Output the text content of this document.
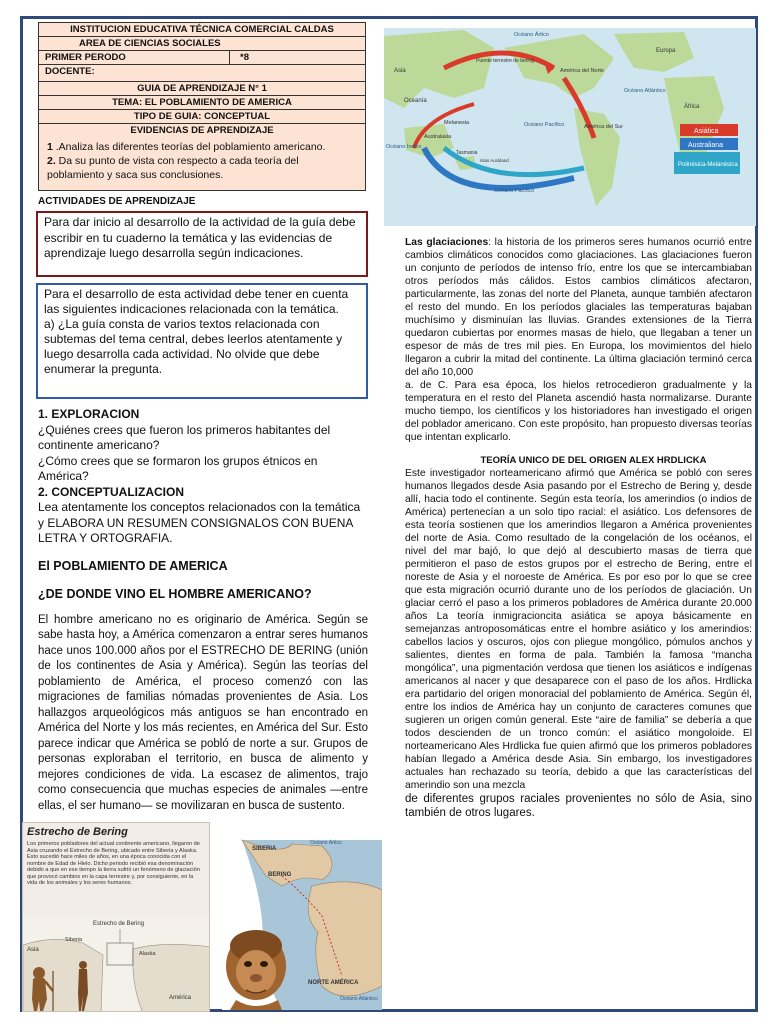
INSTITUCION EDUCATIVA TÉCNICA COMERCIAL CALDAS
AREA DE CIENCIAS SOCIALES
PRIMER PERODO	*8
DOCENTE:
GUIA DE APRENDIZAJE N° 1
TEMA: EL POBLAMIENTO DE AMERICA
TIPO DE GUIA: CONCEPTUAL
EVIDENCIAS DE APRENDIZAJE
1 .Analiza las diferentes teorías del poblamiento americano.
2. Da su punto de vista con respecto a cada teoría del poblamiento y saca sus conclusiones.
ACTIVIDADES DE APRENDIZAJE
Para dar inicio al desarrollo de la actividad de la guía debe escribir en tu cuaderno la temática y las evidencias de aprendizaje luego desarrolla según indicaciones.
Para el desarrollo de esta actividad debe tener en cuenta las siguientes indicaciones relacionada con la temática.
a) ¿La guía consta de varios textos relacionada con subtemas del tema central, debes leerlos atentamente y luego desarrolla cada actividad. No olvide que debe enumerar la pregunta.
1. EXPLORACION
¿Quiénes crees que fueron los primeros habitantes del continente americano?
¿Cómo crees que se formaron los grupos étnicos en América?
2. CONCEPTUALIZACION
Lea atentamente los conceptos relacionados con la temática y ELABORA UN RESUMEN CONSIGNALOS CON BUENA LETRA Y ORTOGRAFIA.
El POBLAMIENTO DE AMERICA
¿DE DONDE VINO EL HOMBRE AMERICANO?
El hombre americano no es originario de América. Según se sabe hasta hoy, a América comenzaron a entrar seres humanos hace unos 100.000 años por el ESTRECHO DE BERING (unión de los continentes de Asia y América). Según las teorías del poblamiento de América, el proceso comenzó con las migraciones de familias nómadas provenientes de Asia. Los hallazgos arqueológicos más antiguos se han encontrado en América del Norte y los más recientes, en América del Sur. Esto parece indicar que América se pobló de norte a sur. Grupos de personas exploraban el territorio, en busca de alimento y mejores condiciones de vida. La escasez de alimentos, trajo como consecuencia que muchas especies de animales —entre ellas, el ser humano— se movilizaran en busca de sustento.
Estrecho de Bering
Los primeros pobladores del actual continente americano, llegaron de Asia cruzando el Estrecho de Bering, ubicado entre Siberia y Alaska. Esto sucedió hace miles de años, en una época conocida con el nombre de Edad de Hielo. Dicho periodo recibió esa denominación debido a que en ese tiempo la tierra sufrió un fenómeno de glaciación que provocó cambios en la capa terrestre y, por consiguiente, en la vida de los animales y los seres humanos.
Estrecho de Bering
Siberia
Asia
Alaska
América
SIBERIA
BERING
Océano Ártico
NORTE AMÉRICA
Océano Atlántico
Océano Ártico
Puente terrestre de bering
Asia	América del Norte
Europa
Oceanía
Océano Atlántico
África
Melanesia	Océano Pacífico	América del Sur
Australasia
Océano Índico
Tasmania
Islas Auckland
Océano Pacífico
Asiática
Australiana
Polinésica-Melanésica
Las glaciaciones: la historia de los primeros seres humanos ocurrió entre cambios climáticos conocidos como glaciaciones. Las glaciaciones fueron un conjunto de períodos de intenso frío, entre los que se intercambiaban otros períodos más cálidos. Estos cambios climáticos afectaron, particularmente, las zonas del norte del Planeta, aunque también afectaron el resto del mundo. En los períodos glaciales las temperaturas bajaban muchísimo y disminuían las lluvias. Grandes extensiones de la Tierra quedaron cubiertas por enormes masas de hielo, que llegaban a tener un espesor de más de tres mil pies. En Europa, los movimientos del hielo llegaron a cubrir la mitad del continente. La última glaciación terminó cerca del año 10,000
a. de C. Para esa época, los hielos retrocedieron gradualmente y la temperatura en el resto del Planeta ascendió hasta normalizarse. Durante mucho tiempo, los científicos y los historiadores han investigado el origen del poblador americano. Con este propósito, han propuesto diversas teorías que intentan explicarlo.
TEORÍA UNICO DE DEL ORIGEN ALEX HRDLICKA
Este investigador norteamericano afirmó que América se pobló con seres humanos llegados desde Asia pasando por el Estrecho de Bering y, desde allí, hacia todo el continente. Según esta teoría, los amerindios (o indios de América) pertenecían a un solo tipo racial: el asiático. Los defensores de esta teoría sostienen que los amerindios llegaron a América provenientes del norte de Asia. Como resultado de la congelación de los océanos, el nivel del mar bajó, lo que dejó al descubierto masas de tierra que permitieron el paso de estos grupos por el estrecho de Bering, entre el noreste de Asia y el noroeste de América. Es por eso por lo que se cree que esta migración ocurrió durante uno de los períodos de glaciación. Un glaciar cerró el paso a los primeros pobladores de América durante 20.000 años La teoría inmigracioncita asiática se apoya básicamente en semejanzas antroposomáticas entre el hombre asiático y los amerindios: cabellos lacios y oscuros, ojos con pliegue mongólico, pómulos anchos y salientes, dientes en forma de pala. También la famosa “mancha mongólica”, una pigmentación verdosa que tienen los asiáticos e indígenas americanos al nacer y que desaparece con el paso de los años. Hrdlicka era partidario del origen monoracial del poblamiento de América. Según él, entre los indios de América hay un conjunto de caracteres comunes que sugieren un origen común general. Este “aire de familia” se debería a que todos descienden de un tronco común: el asiático mongoloide. El norteamericano Ales Hrdlicka fue quien afirmó que los primeros pobladores habían llegado a América desde Asia. Sin embargo, los investigadores actuales han rechazado su teoría, debido a que las características del amerindio son una mezcla
de diferentes grupos raciales provenientes no sólo de Asia, sino también de otros lugares.
